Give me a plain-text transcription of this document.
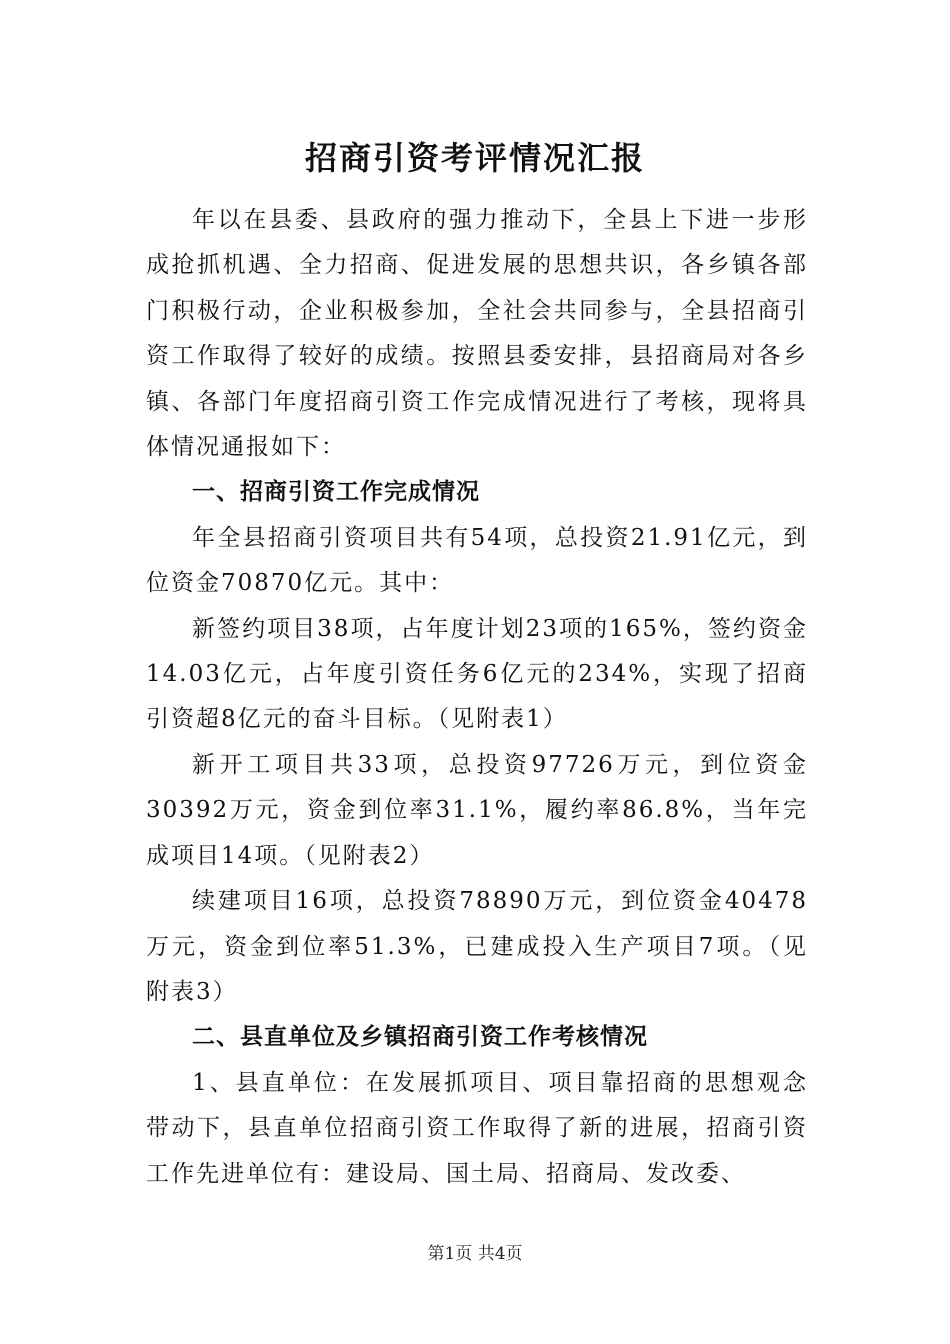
招商引资考评情况汇报

年以在县委、县政府的强力推动下，全县上下进一步形成抢抓机遇、全力招商、促进发展的思想共识，各乡镇各部门积极行动，企业积极参加，全社会共同参与，全县招商引资工作取得了较好的成绩。按照县委安排，县招商局对各乡镇、各部门年度招商引资工作完成情况进行了考核，现将具体情况通报如下：

一、招商引资工作完成情况

年全县招商引资项目共有54项，总投资21.91亿元，到位资金70870亿元。其中：

新签约项目38项，占年度计划23项的165%，签约资金14.03亿元，占年度引资任务6亿元的234%，实现了招商引资超8亿元的奋斗目标。（见附表1）

新开工项目共33项，总投资97726万元，到位资金30392万元，资金到位率31.1%，履约率86.8%，当年完成项目14项。（见附表2）

续建项目16项，总投资78890万元，到位资金40478万元，资金到位率51.3%，已建成投入生产项目7项。（见附表3）

二、县直单位及乡镇招商引资工作考核情况

1、县直单位：在发展抓项目、项目靠招商的思想观念带动下，县直单位招商引资工作取得了新的进展，招商引资工作先进单位有：建设局、国土局、招商局、发改委、

第1页 共4页
